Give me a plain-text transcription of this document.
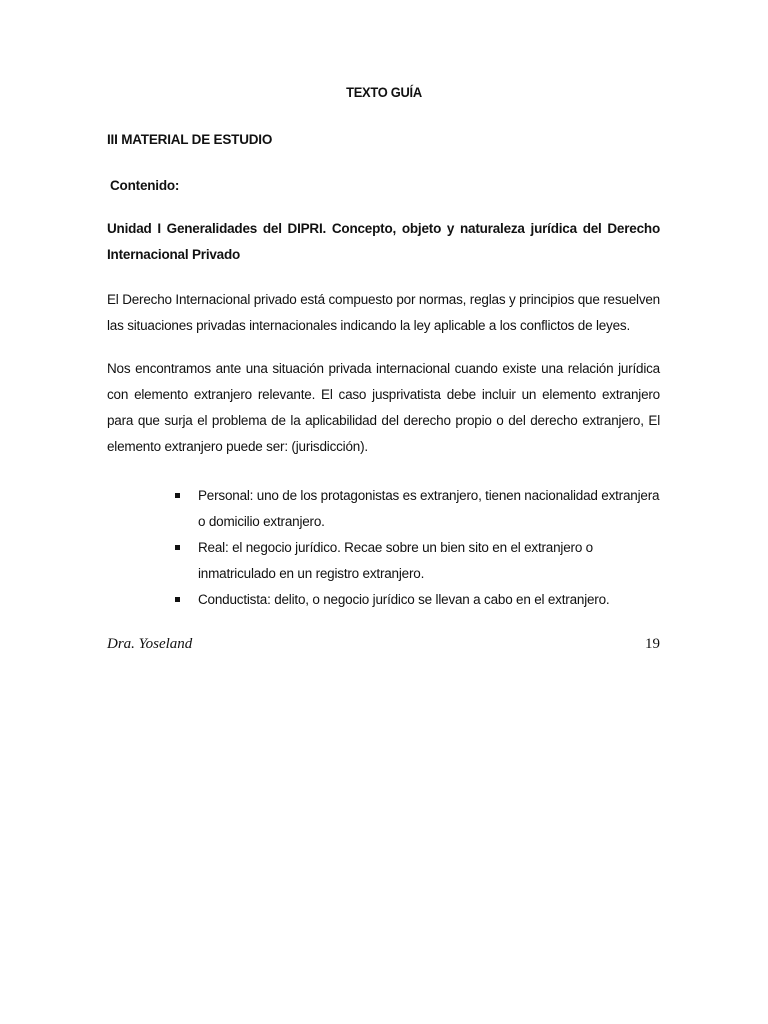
TEXTO GUÍA
III MATERIAL DE ESTUDIO
Contenido:
Unidad I Generalidades del DIPRI. Concepto, objeto y naturaleza jurídica del Derecho Internacional Privado
El Derecho Internacional privado está compuesto por normas, reglas y principios que resuelven las situaciones privadas internacionales indicando la ley aplicable a los conflictos de leyes.
Nos encontramos ante una situación privada internacional cuando existe una relación jurídica con elemento extranjero relevante. El caso jusprivatista debe incluir un elemento extranjero para que surja el problema de la aplicabilidad del derecho propio o del derecho extranjero, El elemento extranjero puede ser: (jurisdicción).
Personal: uno de los protagonistas es extranjero, tienen nacionalidad extranjera o domicilio extranjero.
Real: el negocio jurídico. Recae sobre un bien sito en el extranjero o inmatriculado en un registro extranjero.
Conductista: delito, o negocio jurídico se llevan a cabo en el extranjero.
Dra. Yoseland	19
